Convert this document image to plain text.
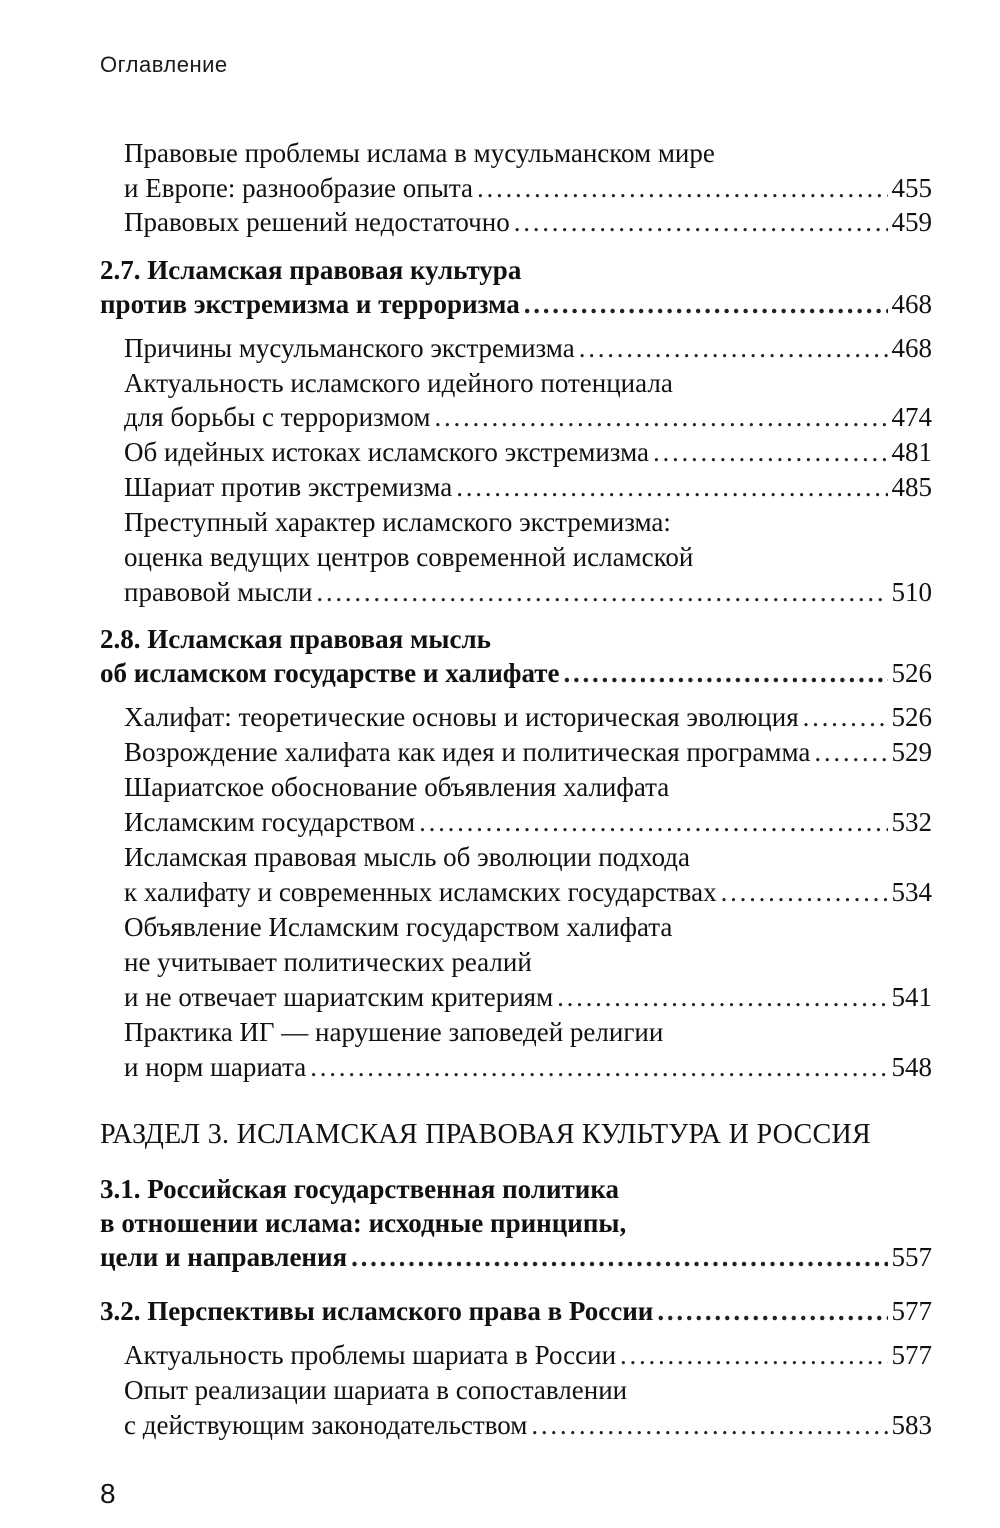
Оглавление
Правовые проблемы ислама в мусульманском мире
и Европе: разнообразие опыта . . .	455
Правовых решений недостаточно . . .	459
2.7. Исламская правовая культура
против экстремизма и терроризма . . .	468
Причины мусульманского экстремизма . . .	468
Актуальность исламского идейного потенциала
для борьбы с терроризмом . . .	474
Об идейных истоках исламского экстремизма . . .	481
Шариат против экстремизма . . .	485
Преступный характер исламского экстремизма:
оценка ведущих центров современной исламской
правовой мысли . . .	510
2.8. Исламская правовая мысль
об исламском государстве и халифате . . .	526
Халифат: теоретические основы и историческая эволюция . . .	526
Возрождение халифата как идея и политическая программа . . .	529
Шариатское обоснование объявления халифата
Исламским государством . . .	532
Исламская правовая мысль об эволюции подхода
к халифату и современных исламских государствах . . .	534
Объявление Исламским государством халифата
не учитывает политических реалий
и не отвечает шариатским критериям . . .	541
Практика ИГ — нарушение заповедей религии
и норм шариата . . .	548
РАЗДЕЛ 3. ИСЛАМСКАЯ ПРАВОВАЯ КУЛЬТУРА И РОССИЯ
3.1. Российская государственная политика
в отношении ислама: исходные принципы,
цели и направления . . .	557
3.2. Перспективы исламского права в России . . .	577
Актуальность проблемы шариата в России . . .	577
Опыт реализации шариата в сопоставлении
с действующим законодательством . . .	583
8
